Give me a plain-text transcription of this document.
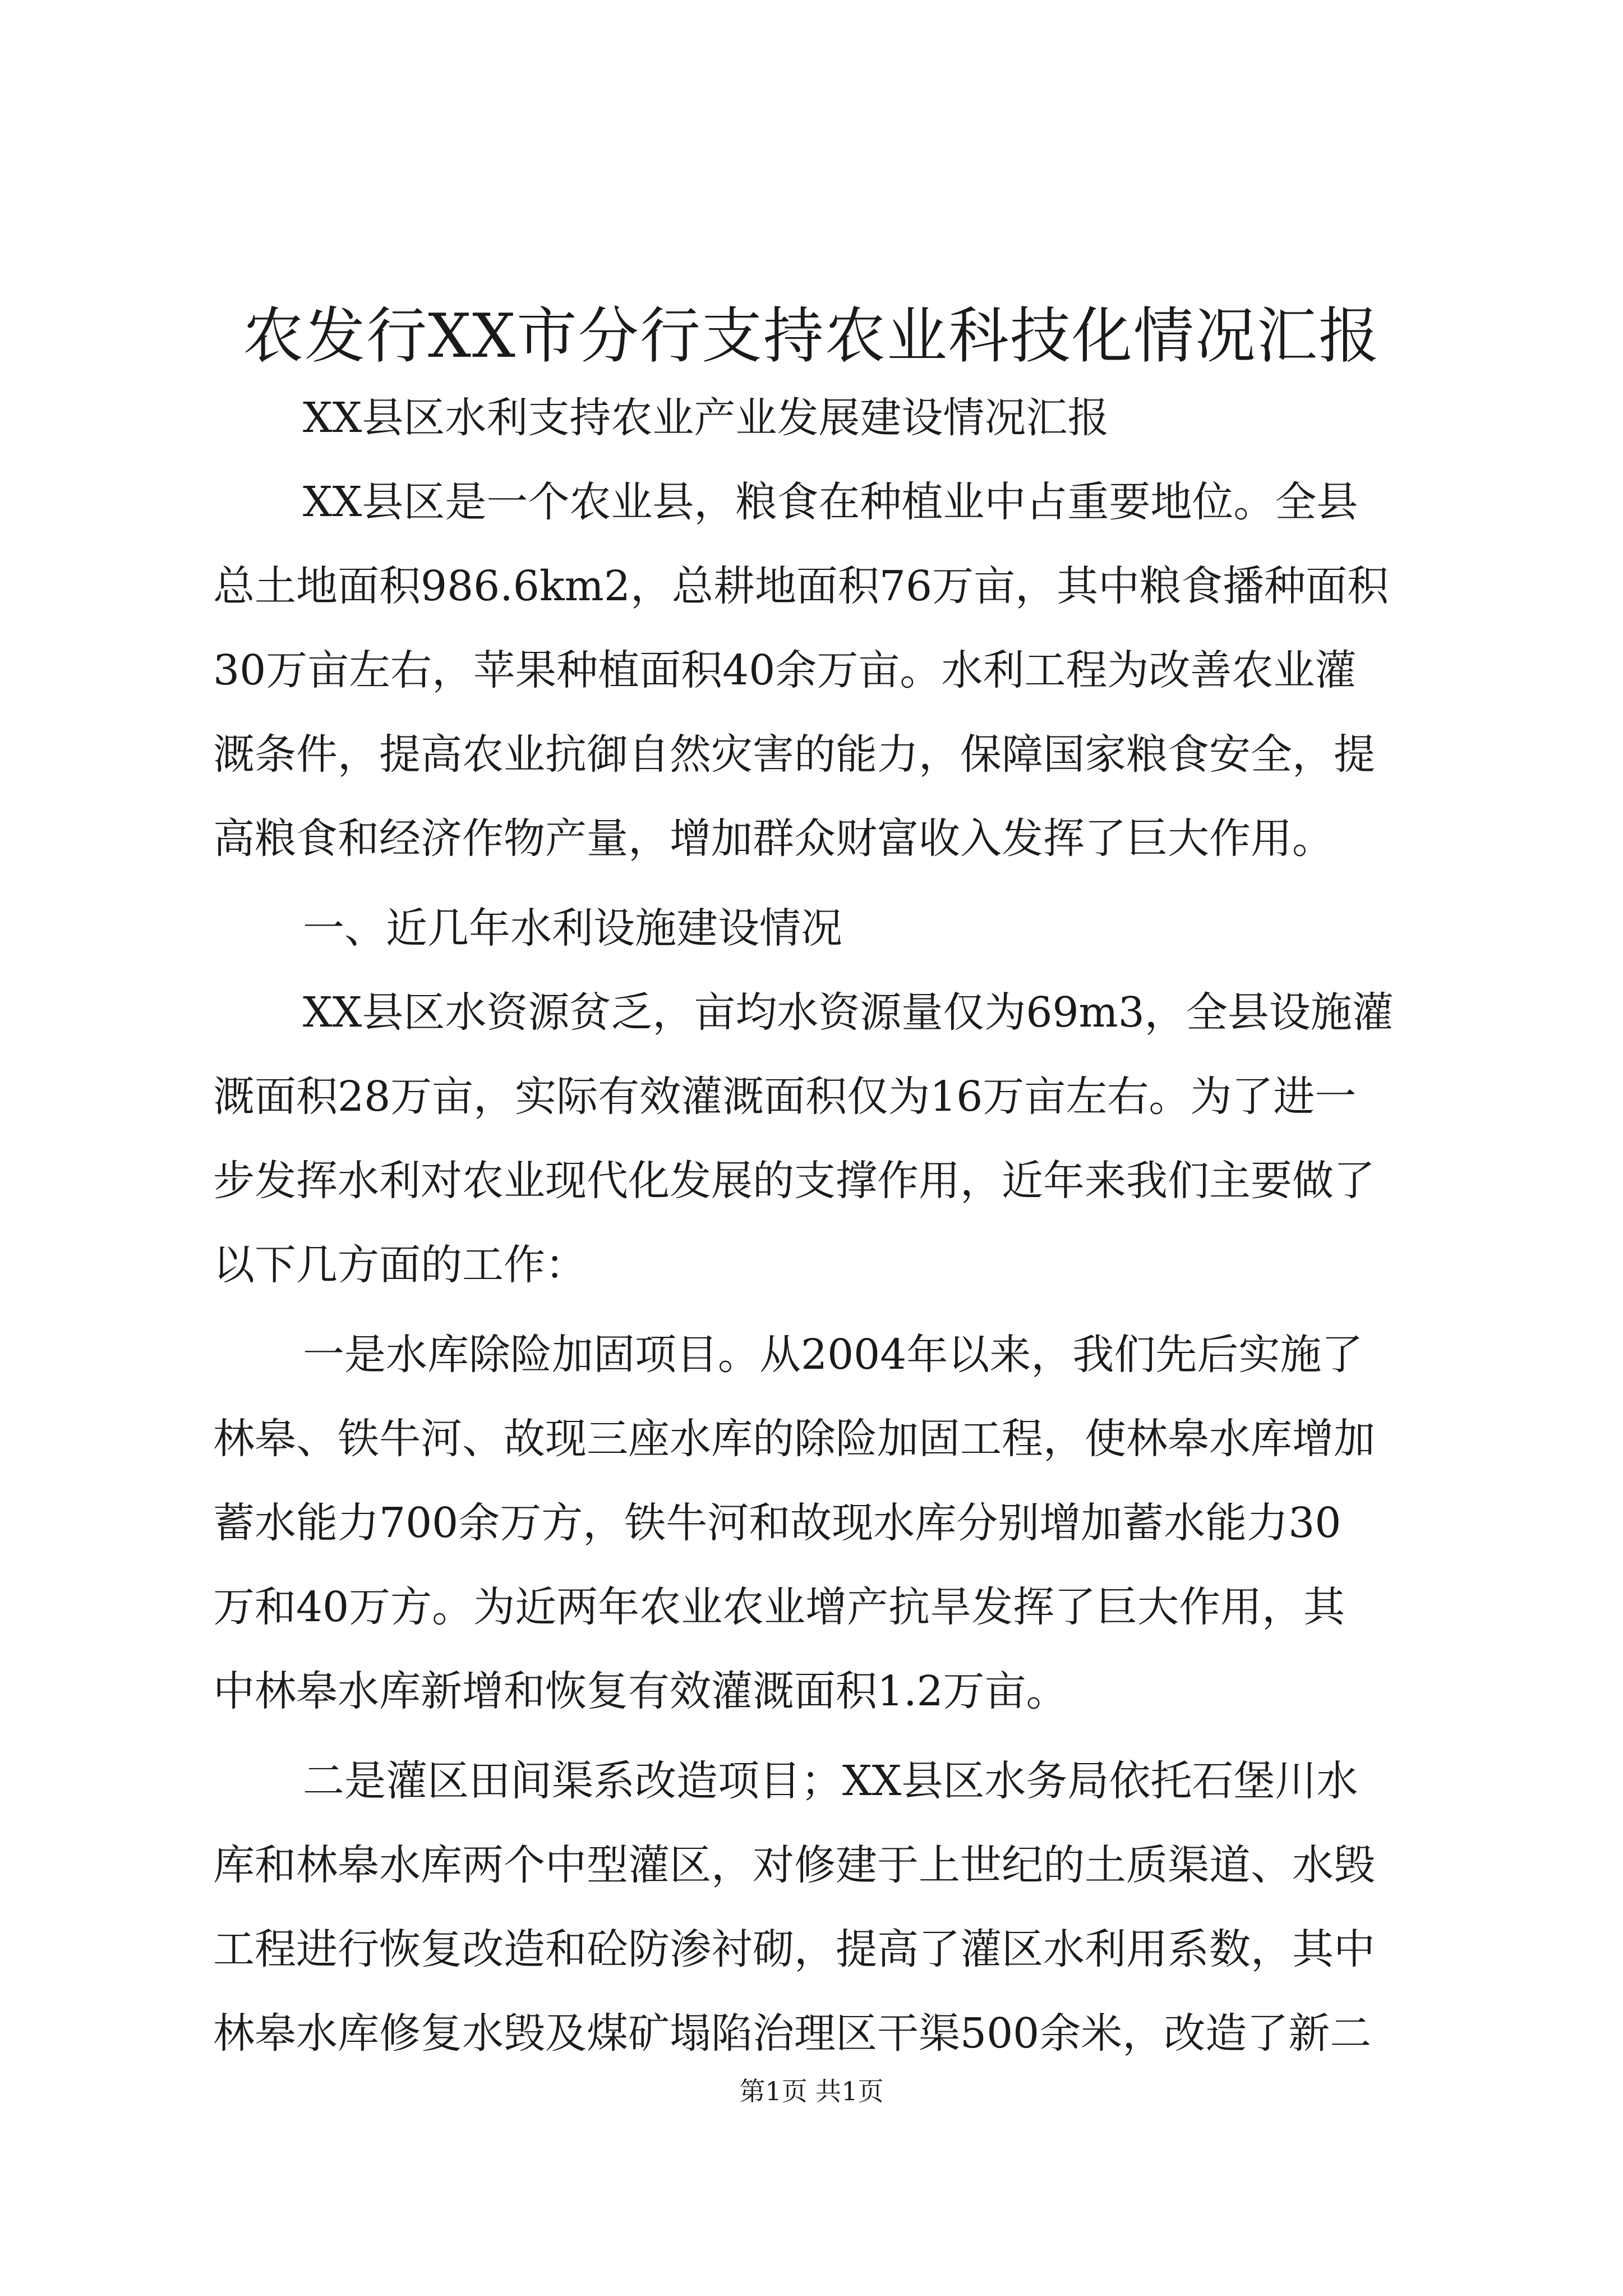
农发行XX市分行支持农业科技化情况汇报
XX县区水利支持农业产业发展建设情况汇报
XX县区是一个农业县，粮食在种植业中占重要地位。全县
总土地面积986.6km2，总耕地面积76万亩，其中粮食播种面积
30万亩左右，苹果种植面积40余万亩。水利工程为改善农业灌
溉条件，提高农业抗御自然灾害的能力，保障国家粮食安全，提
高粮食和经济作物产量，增加群众财富收入发挥了巨大作用。
一、近几年水利设施建设情况
XX县区水资源贫乏，亩均水资源量仅为69m3，全县设施灌
溉面积28万亩，实际有效灌溉面积仅为16万亩左右。为了进一
步发挥水利对农业现代化发展的支撑作用，近年来我们主要做了
以下几方面的工作：
一是水库除险加固项目。从2004年以来，我们先后实施了
林皋、铁牛河、故现三座水库的除险加固工程，使林皋水库增加
蓄水能力700余万方，铁牛河和故现水库分别增加蓄水能力30
万和40万方。为近两年农业农业增产抗旱发挥了巨大作用，其
中林皋水库新增和恢复有效灌溉面积1.2万亩。
二是灌区田间渠系改造项目；XX县区水务局依托石堡川水
库和林皋水库两个中型灌区，对修建于上世纪的土质渠道、水毁
工程进行恢复改造和砼防渗衬砌，提高了灌区水利用系数，其中
林皋水库修复水毁及煤矿塌陷治理区干渠500余米，改造了新二
第1页 共1页
